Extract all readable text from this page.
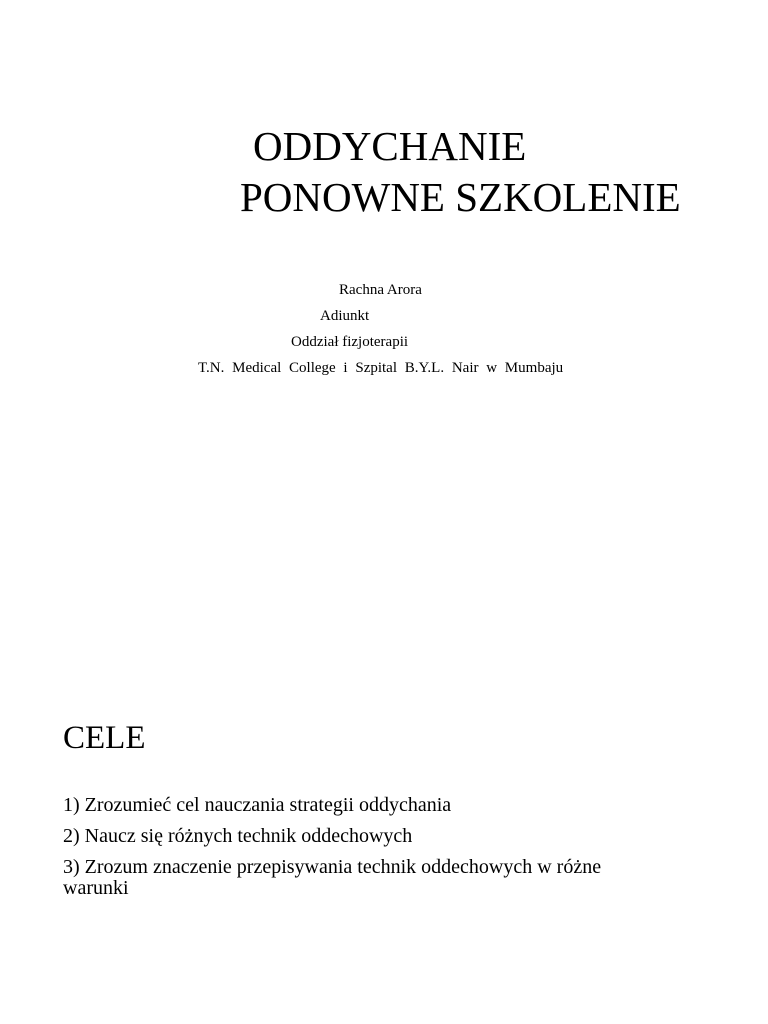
ODDYCHANIE
PONOWNE SZKOLENIE
Rachna Arora
Adiunkt
Oddział fizjoterapii
T.N. Medical College i Szpital B.Y.L. Nair w Mumbaju
CELE
1) Zrozumieć cel nauczania strategii oddychania
2) Naucz się różnych technik oddechowych
3) Zrozum znaczenie przepisywania technik oddechowych w różne warunki
